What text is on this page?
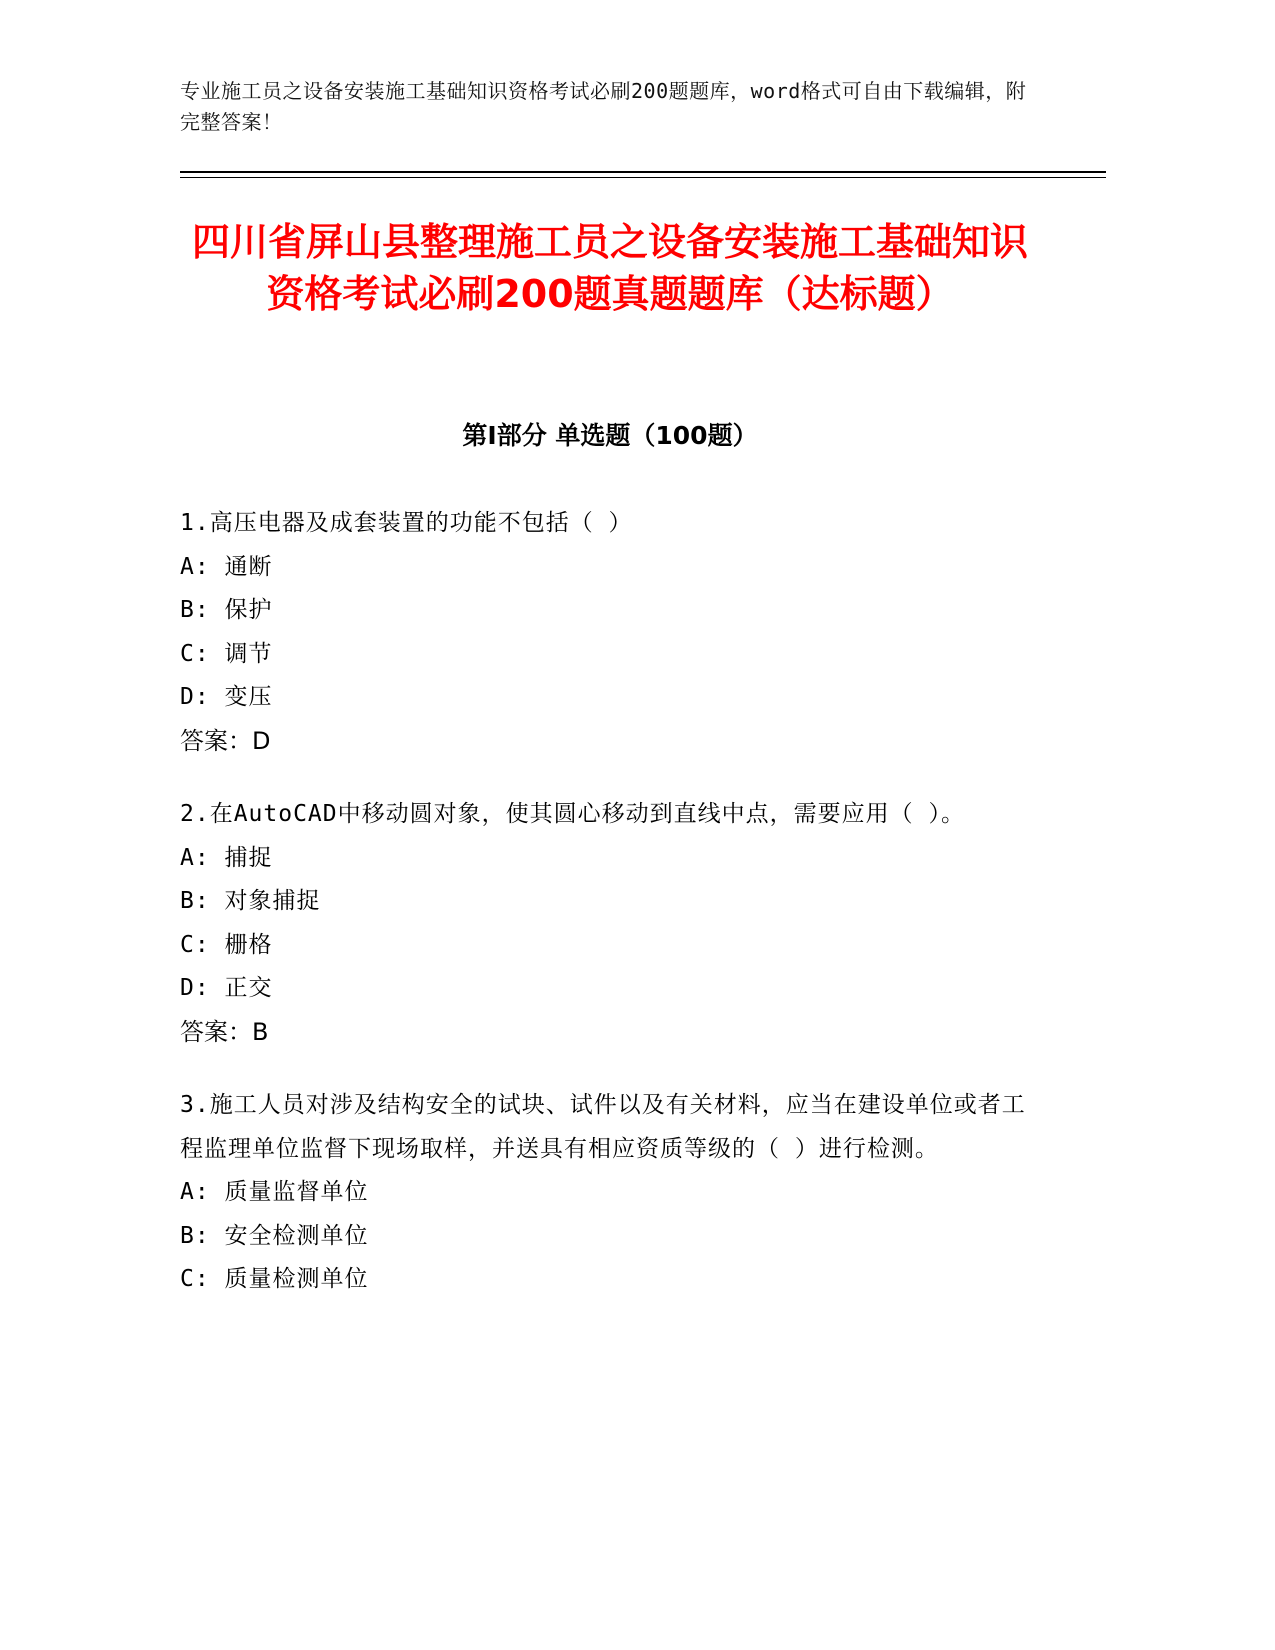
专业施工员之设备安装施工基础知识资格考试必刷200题题库，word格式可自由下载编辑，附完整答案！
四川省屏山县整理施工员之设备安装施工基础知识资格考试必刷200题真题题库（达标题）
第Ⅰ部分 单选题（100题）

1.高压电器及成套装置的功能不包括（ ）

A: 通断

B: 保护

C: 调节

D: 变压

答案：D

2.在AutoCAD中移动圆对象，使其圆心移动到直线中点，需要应用（ ）。

A: 捕捉

B: 对象捕捉

C: 栅格

D: 正交

答案：B

3.施工人员对涉及结构安全的试块、试件以及有关材料，应当在建设单位或者工程监理单位监督下现场取样，并送具有相应资质等级的（ ）进行检测。

A: 质量监督单位

B: 安全检测单位

C: 质量检测单位
